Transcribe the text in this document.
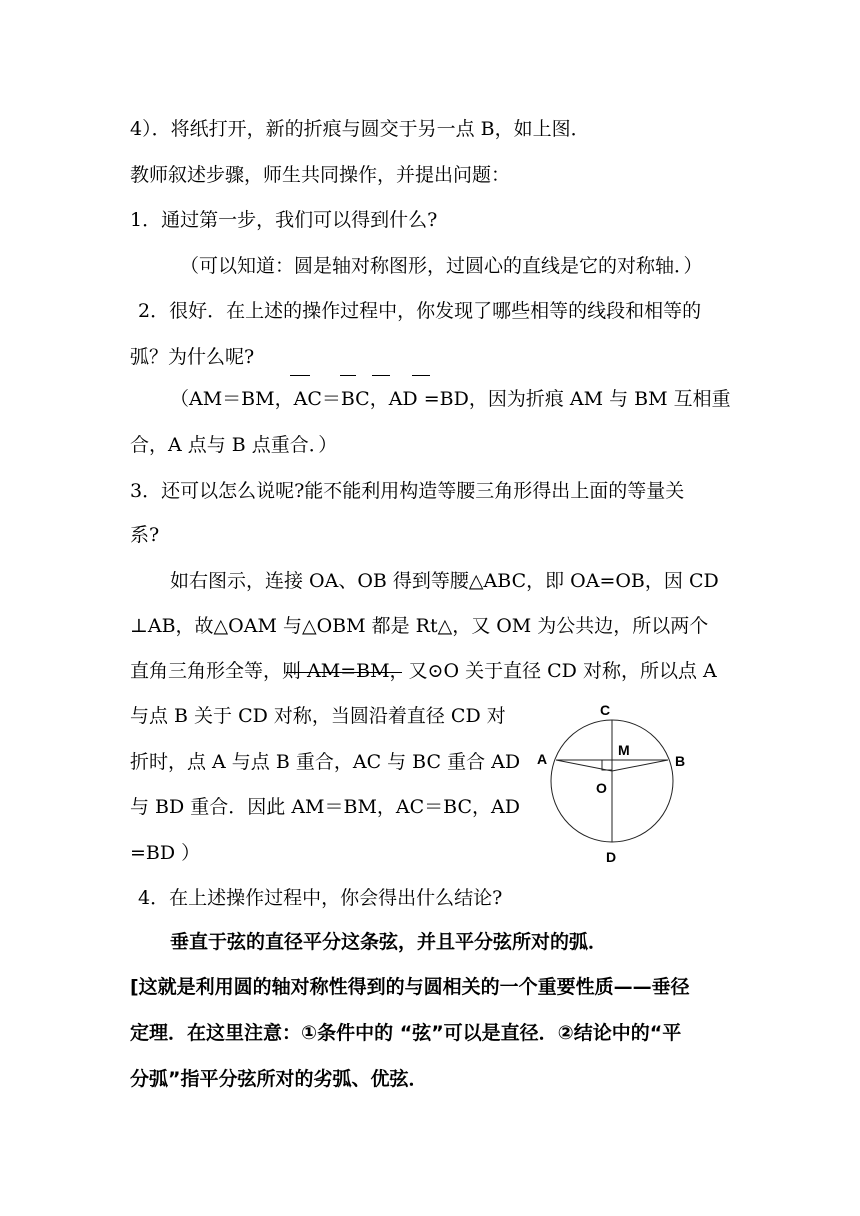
4）．将纸打开，新的折痕与圆交于另一点 B，如上图．
教师叙述步骤，师生共同操作，并提出问题：
1．通过第一步，我们可以得到什么?
（可以知道：圆是轴对称图形，过圆心的直线是它的对称轴．）
2．很好．在上述的操作过程中，你发现了哪些相等的线段和相等的
弧？为什么呢?
（AM＝BM，AC＝BC，AD =BD，因为折痕 AM 与 BM 互相重
合，A 点与 B 点重合．）
3．还可以怎么说呢?能不能利用构造等腰三角形得出上面的等量关
系?
如右图示，连接 OA、OB 得到等腰△ABC，即 OA=OB，因 CD
⊥AB，故△OAM 与△OBM 都是 Rt△，又 OM 为公共边，所以两个
直角三角形全等，则 AM=BM，又⊙O 关于直径 CD 对称，所以点 A
与点 B 关于 CD 对称，当圆沿着直径 CD 对
折时，点 A 与点 B 重合，AC 与 BC 重合 AD
与 BD 重合．因此 AM＝BM，AC＝BC，AD
=BD ）
4．在上述操作过程中，你会得出什么结论?
垂直于弦的直径平分这条弦，并且平分弦所对的弧．
[这就是利用圆的轴对称性得到的与圆相关的一个重要性质——垂径
定理．在这里注意：①条件中的 “弦”可以是直径．②结论中的“平
分弧”指平分弦所对的劣弧、优弦．
C
A	B
M
O
D
